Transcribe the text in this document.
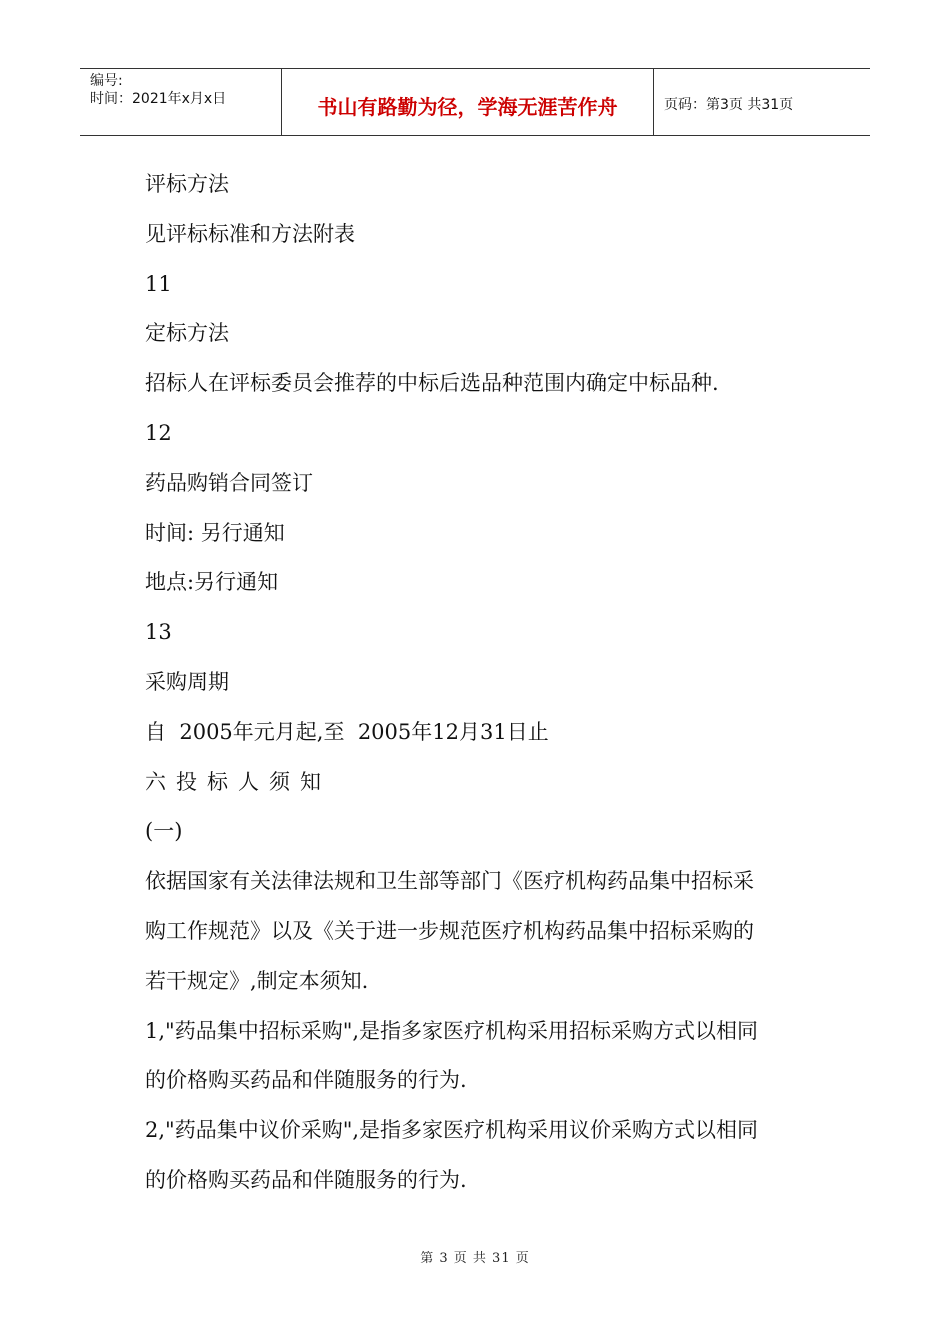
编号:
时间：2021年x月x日	书山有路勤为径，学海无涯苦作舟	页码：第3页 共31页

评标方法

见评标标准和方法附表

11

定标方法

招标人在评标委员会推荐的中标后选品种范围内确定中标品种.

12

药品购销合同签订

时间: 另行通知

地点:另行通知

13

采购周期

自  2005年元月起,至  2005年12月31日止

六投标人须知

(一)

依据国家有关法律法规和卫生部等部门《医疗机构药品集中招标采

购工作规范》以及《关于进一步规范医疗机构药品集中招标采购的

若干规定》,制定本须知.

1,"药品集中招标采购",是指多家医疗机构采用招标采购方式以相同

的价格购买药品和伴随服务的行为.

2,"药品集中议价采购",是指多家医疗机构采用议价采购方式以相同

的价格购买药品和伴随服务的行为.

第 3 页 共 31 页
